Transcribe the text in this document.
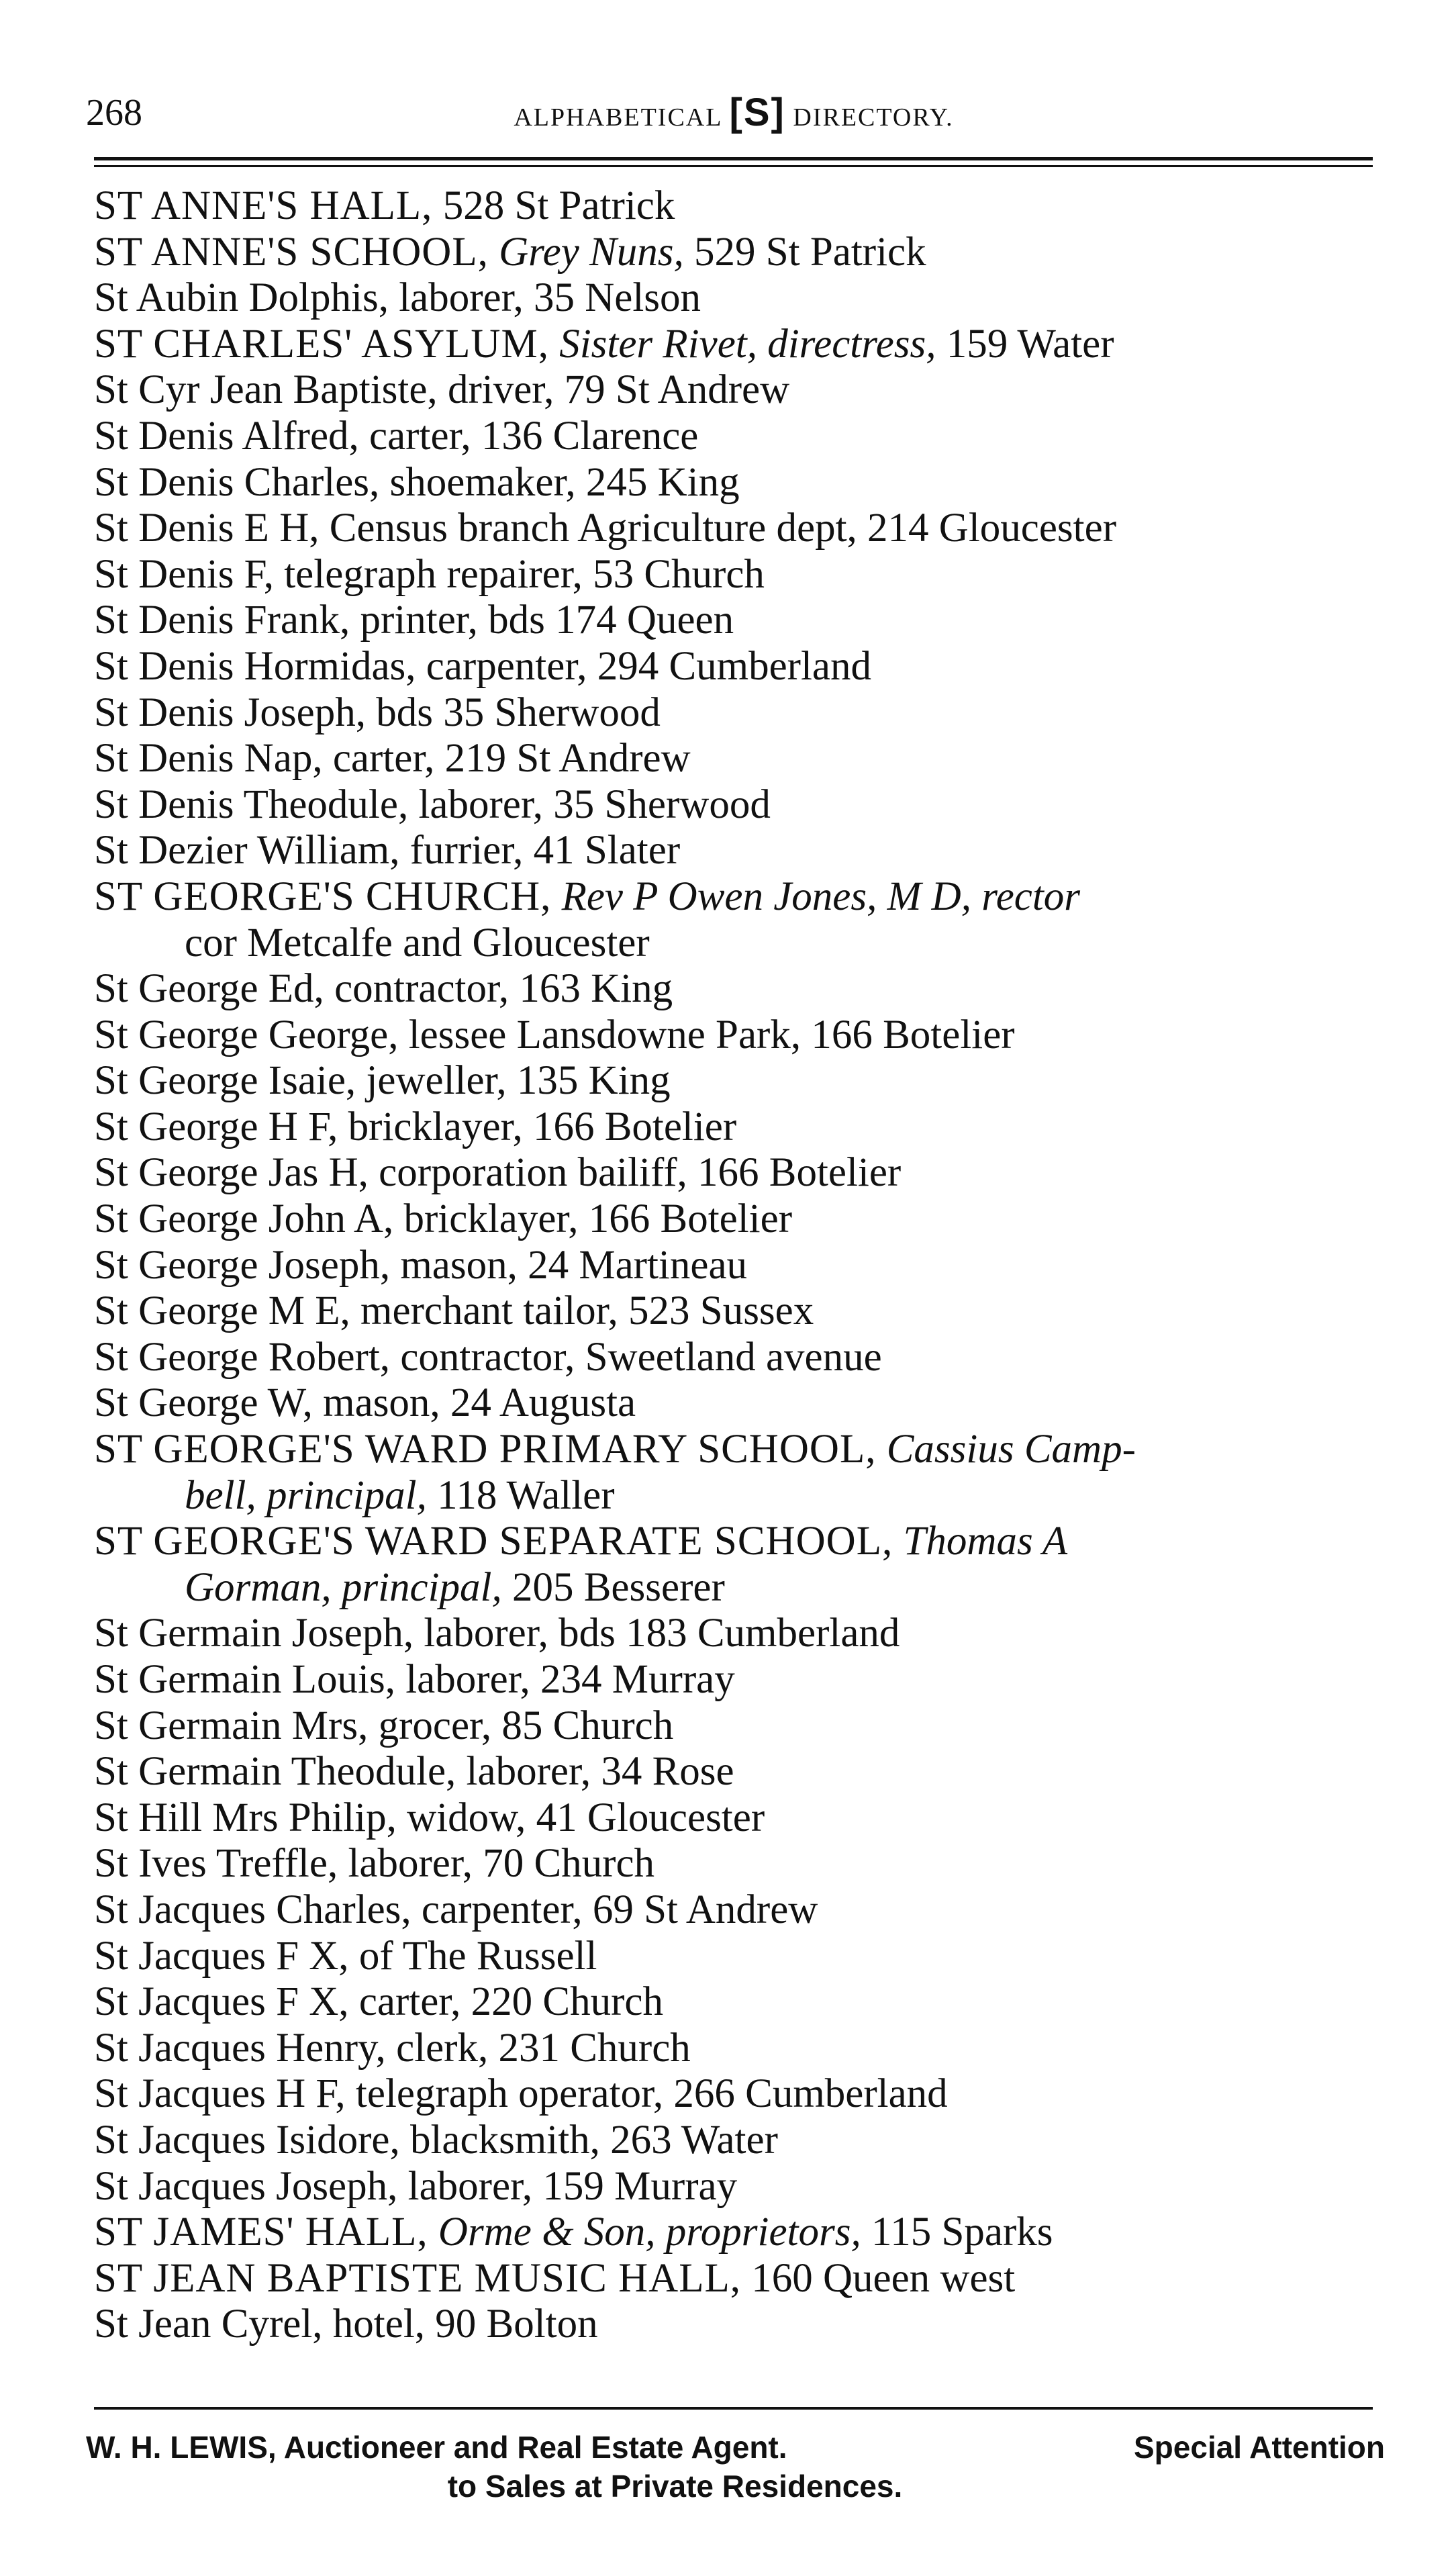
268	ALPHABETICAL [S] DIRECTORY.
ST ANNE'S HALL, 528 St Patrick
ST ANNE'S SCHOOL, Grey Nuns, 529 St Patrick
St Aubin Dolphis, laborer, 35 Nelson
ST CHARLES' ASYLUM, Sister Rivet, directress, 159 Water
St Cyr Jean Baptiste, driver, 79 St Andrew
St Denis Alfred, carter, 136 Clarence
St Denis Charles, shoemaker, 245 King
St Denis E H, Census branch Agriculture dept, 214 Gloucester
St Denis F, telegraph repairer, 53 Church
St Denis Frank, printer, bds 174 Queen
St Denis Hormidas, carpenter, 294 Cumberland
St Denis Joseph, bds 35 Sherwood
St Denis Nap, carter, 219 St Andrew
St Denis Theodule, laborer, 35 Sherwood
St Dezier William, furrier, 41 Slater
ST GEORGE'S CHURCH, Rev P Owen Jones, M D, rector
cor Metcalfe and Gloucester
St George Ed, contractor, 163 King
St George George, lessee Lansdowne Park, 166 Botelier
St George Isaie, jeweller, 135 King
St George H F, bricklayer, 166 Botelier
St George Jas H, corporation bailiff, 166 Botelier
St George John A, bricklayer, 166 Botelier
St George Joseph, mason, 24 Martineau
St George M E, merchant tailor, 523 Sussex
St George Robert, contractor, Sweetland avenue
St George W, mason, 24 Augusta
ST GEORGE'S WARD PRIMARY SCHOOL, Cassius Camp-
bell, principal, 118 Waller
ST GEORGE'S WARD SEPARATE SCHOOL, Thomas A
Gorman, principal, 205 Besserer
St Germain Joseph, laborer, bds 183 Cumberland
St Germain Louis, laborer, 234 Murray
St Germain Mrs, grocer, 85 Church
St Germain Theodule, laborer, 34 Rose
St Hill Mrs Philip, widow, 41 Gloucester
St Ives Treffle, laborer, 70 Church
St Jacques Charles, carpenter, 69 St Andrew
St Jacques F X, of The Russell
St Jacques F X, carter, 220 Church
St Jacques Henry, clerk, 231 Church
St Jacques H F, telegraph operator, 266 Cumberland
St Jacques Isidore, blacksmith, 263 Water
St Jacques Joseph, laborer, 159 Murray
ST JAMES' HALL, Orme & Son, proprietors, 115 Sparks
ST JEAN BAPTISTE MUSIC HALL, 160 Queen west
St Jean Cyrel, hotel, 90 Bolton
W. H. LEWIS, Auctioneer and Real Estate Agent.	Special Attention
to Sales at Private Residences.
